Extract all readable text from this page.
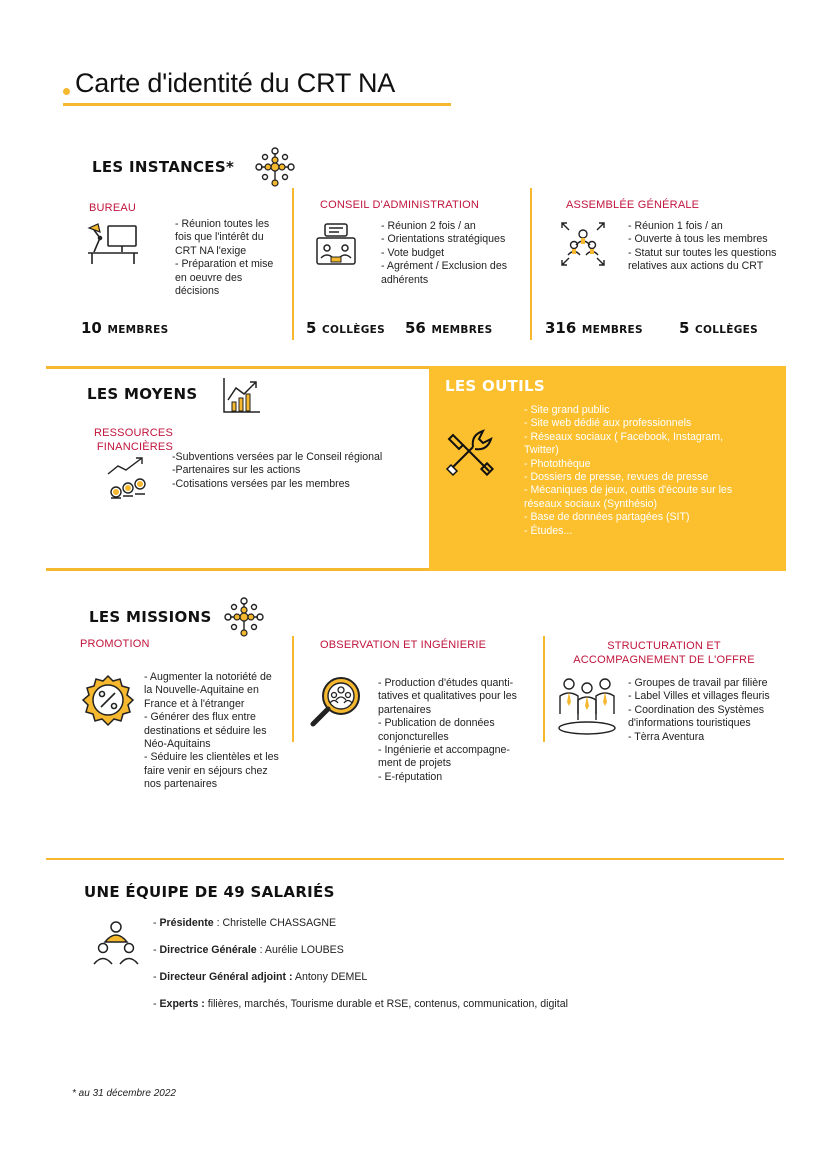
Carte d'identité du CRT NA
LES INSTANCES*
BUREAU
- Réunion toutes les fois que l'intérêt du CRT NA l'exige
- Préparation et mise en oeuvre des décisions
10 MEMBRES
CONSEIL D'ADMINISTRATION
- Réunion 2 fois / an
- Orientations stratégiques
- Vote budget
- Agrément / Exclusion des adhérents
5 COLLÈGES 56 MEMBRES
ASSEMBLÉE GÉNÉRALE
- Réunion 1 fois / an
- Ouverte à tous les membres
- Statut sur toutes les questions relatives aux actions du CRT
316 MEMBRES 5 COLLÈGES
LES MOYENS
RESSOURCES FINANCIÈRES
-Subventions versées par le Conseil régional
-Partenaires sur les actions
-Cotisations versées par les membres
LES OUTILS
- Site grand public
- Site web dédié aux professionnels
- Réseaux sociaux ( Facebook, Instagram, Twitter)
- Photothèque
- Dossiers de presse, revues de presse
- Mécaniques de jeux, outils d'écoute sur les réseaux sociaux (Synthésio)
- Base de données partagées (SIT)
- Études...
LES MISSIONS
PROMOTION
- Augmenter la notoriété de la Nouvelle-Aquitaine en France et à l'étranger
- Générer des flux entre destinations et séduire les Néo-Aquitains
- Séduire les clientèles et les faire venir en séjours chez nos partenaires
OBSERVATION ET INGÉNIERIE
- Production d'études quanti-tatives et qualitatives pour les partenaires
- Publication de données conjoncturelles
- Ingénierie et accompagne-ment de projets
- E-réputation
STRUCTURATION ET ACCOMPAGNEMENT DE L'OFFRE
- Groupes de travail par filière
- Label Villes et villages fleuris
- Coordination des Systèmes d'informations touristiques
- Tèrra Aventura
UNE ÉQUIPE DE 49 SALARIÉS
- Présidente : Christelle CHASSAGNE
- Directrice Générale : Aurélie LOUBES
- Directeur Général adjoint : Antony DEMEL
- Experts : filières, marchés, Tourisme durable et RSE, contenus, communication, digital
* au 31 décembre 2022
